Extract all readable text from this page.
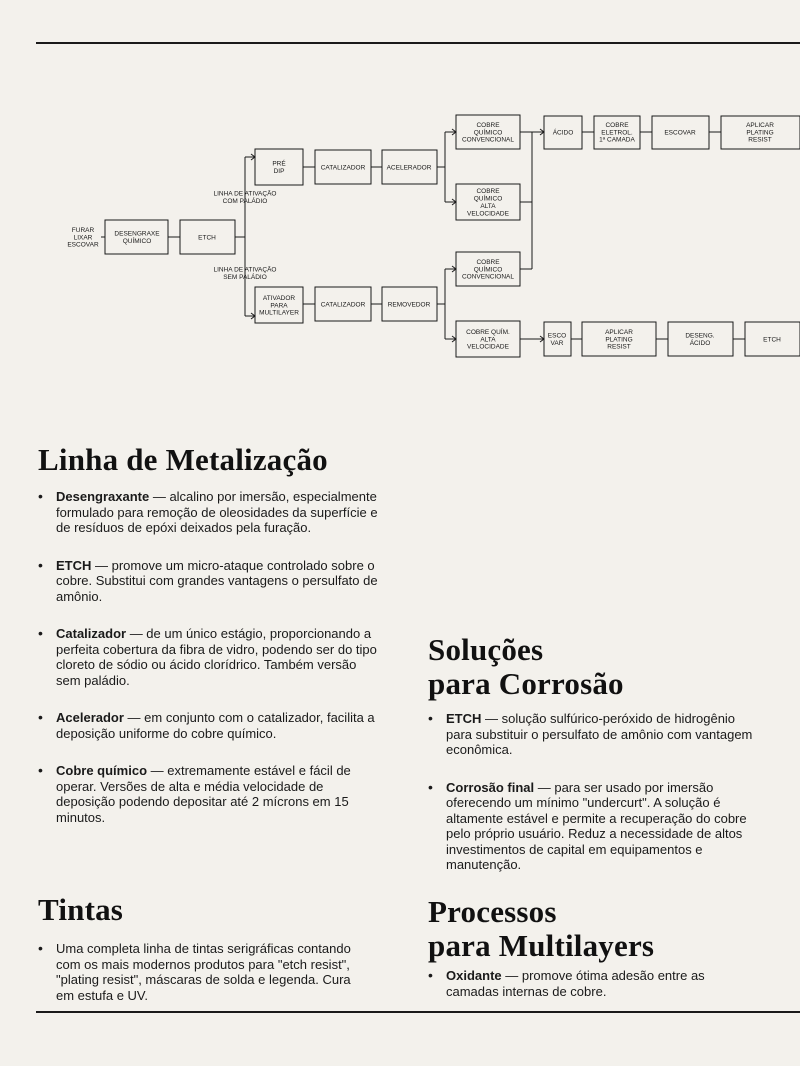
FURAR LIXAR ESCOVAR
DESENGRAXE QUÍMICO
ETCH
LINHA DE ATIVAÇÃO COM PALÁDIO
LINHA DE ATIVAÇÃO SEM PALÁDIO
PRÉ DIP
CATALIZADOR	ACELERADOR
ATIVADOR PARA MULTILAYER
CATALIZADOR	REMOVEDOR
COBRE QUÍMICO CONVENCIONAL
COBRE QUÍMICO ALTA VELOCIDADE
COBRE QUÍMICO CONVENCIONAL
COBRE QUÍM. ALTA VELOCIDADE
ÁCIDO
COBRE ELETROL. 1ª CAMADA
ESCOVAR
APLICAR PLATING RESIST
ESCO VAR
APLICAR PLATING RESIST
DESENG. ÁCIDO
ETCH
Linha de Metalização
• Desengraxante — alcalino por imersão, especialmente formulado para remoção de oleosidades da superfície e de resíduos de epóxi deixados pela furação.
• ETCH — promove um micro-ataque controlado sobre o cobre. Substitui com grandes vantagens o persulfato de amônio.
• Catalizador — de um único estágio, proporcionando a perfeita cobertura da fibra de vidro, podendo ser do tipo cloreto de sódio ou ácido clorídrico. Também versão sem paládio.
• Acelerador — em conjunto com o catalizador, facilita a deposição uniforme do cobre químico.
• Cobre químico — extremamente estável e fácil de operar. Versões de alta e média velocidade de deposição podendo depositar até 2 mícrons em 15 minutos.
Tintas
• Uma completa linha de tintas serigráficas contando com os mais modernos produtos para "etch resist", "plating resist", máscaras de solda e legenda. Cura em estufa e UV.
Soluções
para Corrosão
• ETCH — solução sulfúrico-peróxido de hidrogênio para substituir o persulfato de amônio com vantagem econômica.
• Corrosão final — para ser usado por imersão oferecendo um mínimo "undercurt". A solução é altamente estável e permite a recuperação do cobre pelo próprio usuário. Reduz a necessidade de altos investimentos de capital em equipamentos e manutenção.
Processos
para Multilayers
• Oxidante — promove ótima adesão entre as camadas internas de cobre.
